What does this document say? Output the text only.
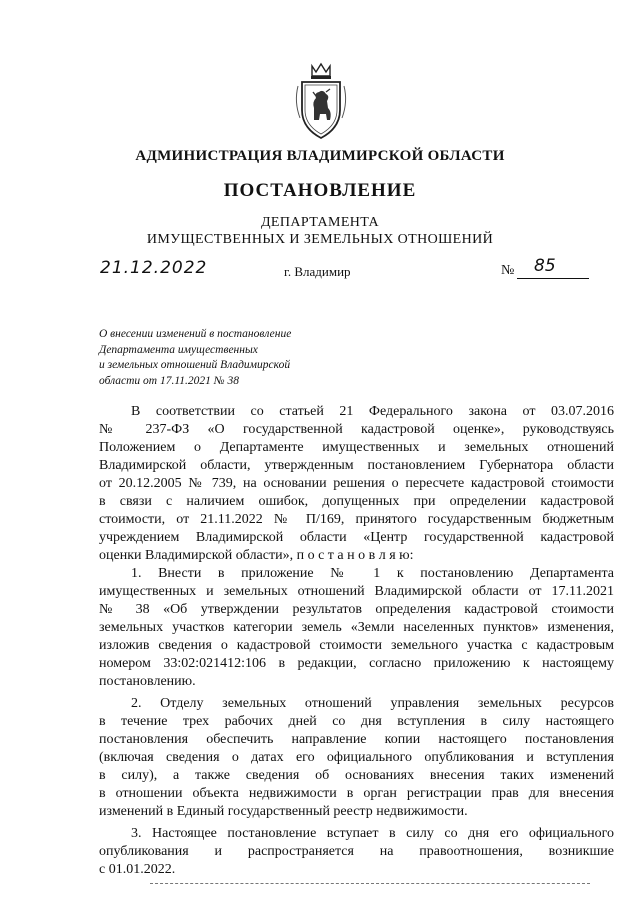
АДМИНИСТРАЦИЯ ВЛАДИМИРСКОЙ ОБЛАСТИ
ПОСТАНОВЛЕНИЕ
ДЕПАРТАМЕНТА
ИМУЩЕСТВЕННЫХ И ЗЕМЕЛЬНЫХ ОТНОШЕНИЙ
21.12.2022	г. Владимир	№ 85
О внесении изменений в постановление
Департамента имущественных
и земельных отношений Владимирской
области от 17.11.2021 № 38
В соответствии со статьей 21 Федерального закона от 03.07.2016
№ 237-ФЗ «О государственной кадастровой оценке», руководствуясь
Положением о Департаменте имущественных и земельных отношений
Владимирской области, утвержденным постановлением Губернатора области
от 20.12.2005 № 739, на основании решения о пересчете кадастровой стоимости
в связи с наличием ошибок, допущенных при определении кадастровой
стоимости, от 21.11.2022 № П/169, принятого государственным бюджетным
учреждением Владимирской области «Центр государственной кадастровой
оценки Владимирской области», п о с т а н о в л я ю:
1. Внести в приложение № 1 к постановлению Департамента
имущественных и земельных отношений Владимирской области от 17.11.2021
№ 38 «Об утверждении результатов определения кадастровой стоимости
земельных участков категории земель «Земли населенных пунктов» изменения,
изложив сведения о кадастровой стоимости земельного участка с кадастровым
номером 33:02:021412:106 в редакции, согласно приложению к настоящему
постановлению.
2. Отделу земельных отношений управления земельных ресурсов
в течение трех рабочих дней со дня вступления в силу настоящего
постановления обеспечить направление копии настоящего постановления
(включая сведения о датах его официального опубликования и вступления
в силу), а также сведения об основаниях внесения таких изменений
в отношении объекта недвижимости в орган регистрации прав для внесения
изменений в Единый государственный реестр недвижимости.
3. Настоящее постановление вступает в силу со дня его официального
опубликования и распространяется на правоотношения, возникшие
с 01.01.2022.
